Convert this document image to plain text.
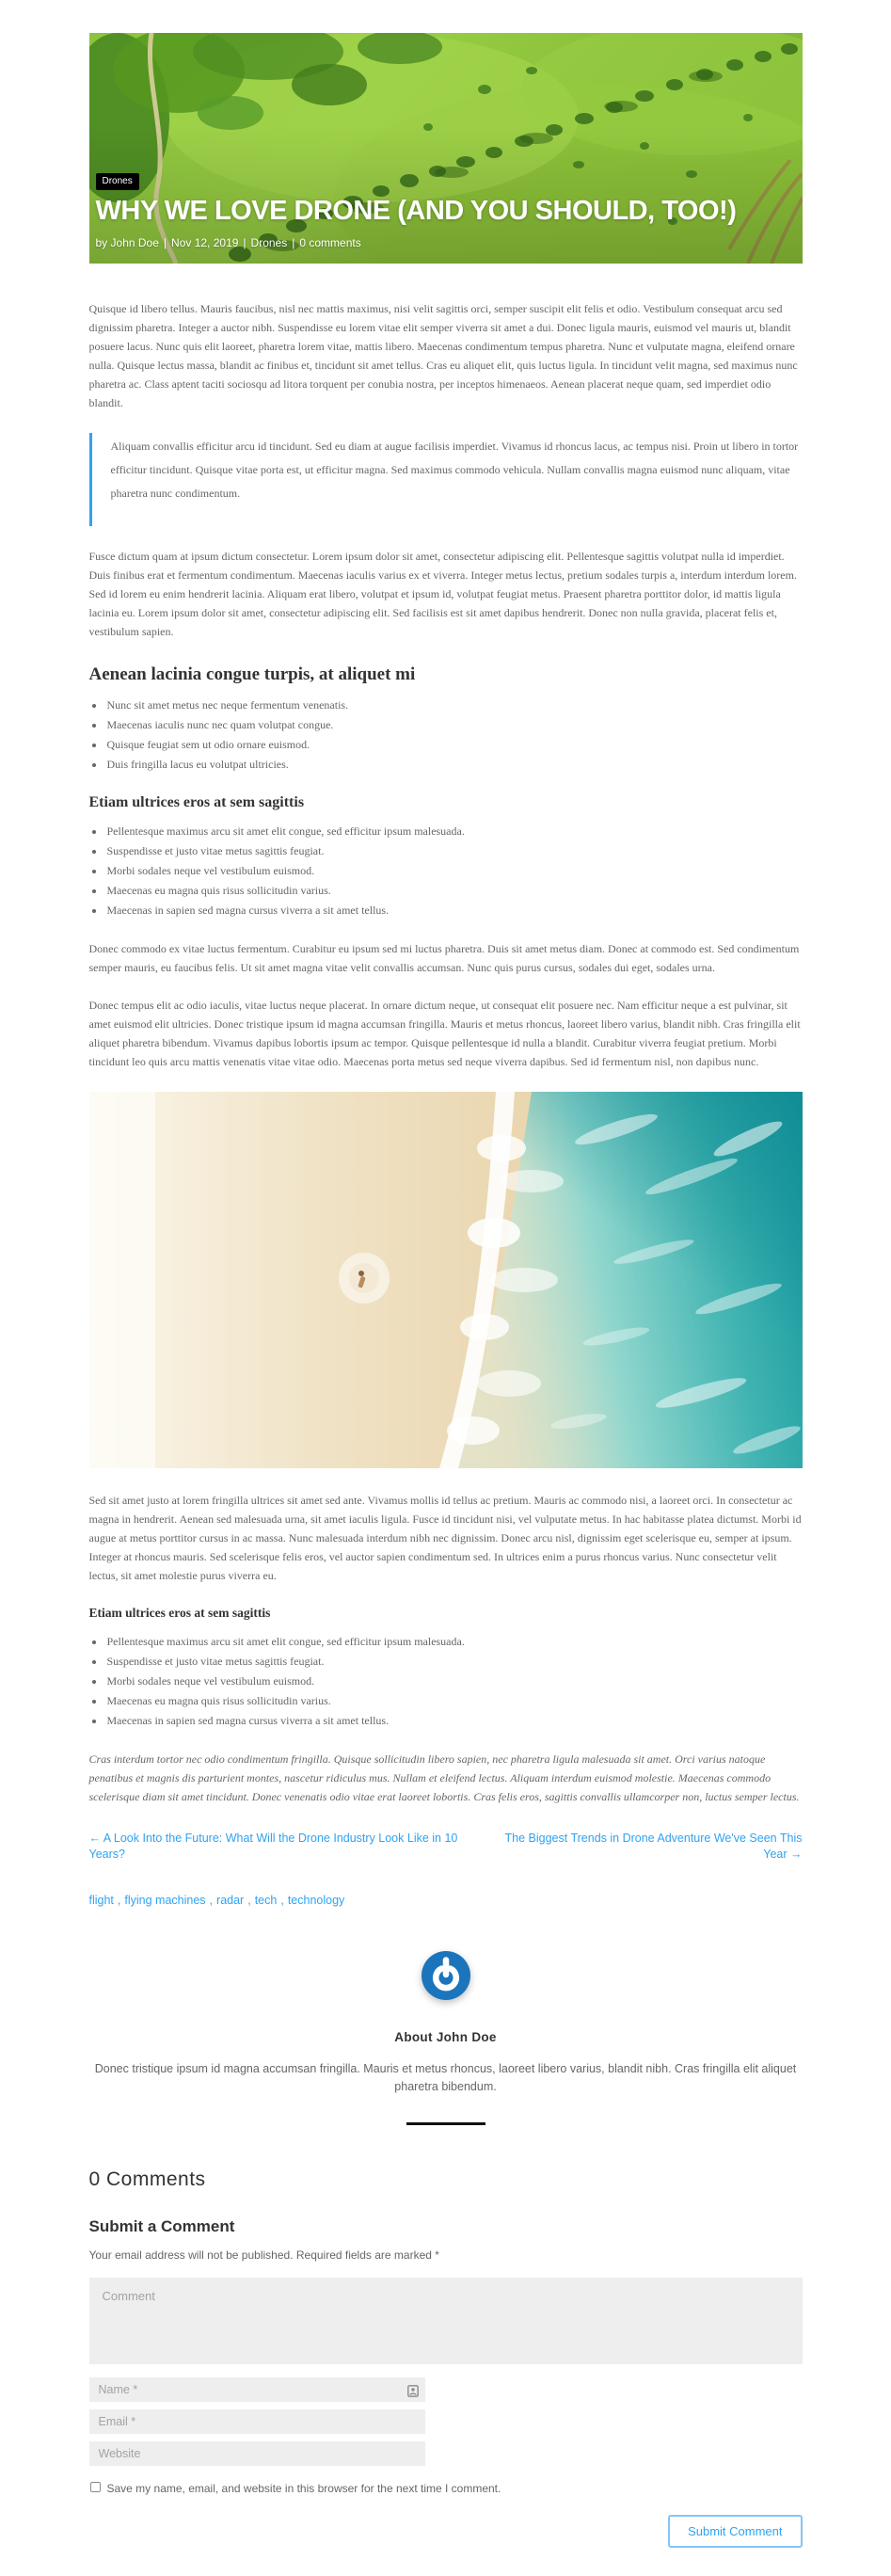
Drones
WHY WE LOVE DRONE (AND YOU SHOULD, TOO!)

by John Doe | Nov 12, 2019 | Drones | 0 comments

Quisque id libero tellus. Mauris faucibus, nisl nec mattis maximus, nisi velit sagittis orci, semper suscipit elit felis et odio. Vestibulum consequat arcu sed dignissim pharetra. Integer a auctor nibh. Suspendisse eu lorem vitae elit semper viverra sit amet a dui. Donec ligula mauris, euismod vel mauris ut, blandit posuere lacus. Nunc quis elit laoreet, pharetra lorem vitae, mattis libero. Maecenas condimentum tempus pharetra. Nunc et vulputate magna, eleifend ornare nulla. Quisque lectus massa, blandit ac finibus et, tincidunt sit amet tellus. Cras eu aliquet elit, quis luctus ligula. In tincidunt velit magna, sed maximus nunc pharetra ac. Class aptent taciti sociosqu ad litora torquent per conubia nostra, per inceptos himenaeos. Aenean placerat neque quam, sed imperdiet odio blandit.

Aliquam convallis efficitur arcu id tincidunt. Sed eu diam at augue facilisis imperdiet. Vivamus id rhoncus lacus, ac tempus nisi. Proin ut libero in tortor efficitur tincidunt. Quisque vitae porta est, ut efficitur magna. Sed maximus commodo vehicula. Nullam convallis magna euismod nunc aliquam, vitae pharetra nunc condimentum.

Fusce dictum quam at ipsum dictum consectetur. Lorem ipsum dolor sit amet, consectetur adipiscing elit. Pellentesque sagittis volutpat nulla id imperdiet. Duis finibus erat et fermentum condimentum. Maecenas iaculis varius ex et viverra. Integer metus lectus, pretium sodales turpis a, interdum interdum lorem. Sed id lorem eu enim hendrerit lacinia. Aliquam erat libero, volutpat et ipsum id, volutpat feugiat metus. Praesent pharetra porttitor dolor, id mattis ligula lacinia eu. Lorem ipsum dolor sit amet, consectetur adipiscing elit. Sed facilisis est sit amet dapibus hendrerit. Donec non nulla gravida, placerat felis et, vestibulum sapien.

Aenean lacinia congue turpis, at aliquet mi
• Nunc sit amet metus nec neque fermentum venenatis.
• Maecenas iaculis nunc nec quam volutpat congue.
• Quisque feugiat sem ut odio ornare euismod.
• Duis fringilla lacus eu volutpat ultricies.
Etiam ultrices eros at sem sagittis
• Pellentesque maximus arcu sit amet elit congue, sed efficitur ipsum malesuada.
• Suspendisse et justo vitae metus sagittis feugiat.
• Morbi sodales neque vel vestibulum euismod.
• Maecenas eu magna quis risus sollicitudin varius.
• Maecenas in sapien sed magna cursus viverra a sit amet tellus.

Donec commodo ex vitae luctus fermentum. Curabitur eu ipsum sed mi luctus pharetra. Duis sit amet metus diam. Donec at commodo est. Sed condimentum semper mauris, eu faucibus felis. Ut sit amet magna vitae velit convallis accumsan. Nunc quis purus cursus, sodales dui eget, sodales urna.

Donec tempus elit ac odio iaculis, vitae luctus neque placerat. In ornare dictum neque, ut consequat elit posuere nec. Nam efficitur neque a est pulvinar, sit amet euismod elit ultricies. Donec tristique ipsum id magna accumsan fringilla. Mauris et metus rhoncus, laoreet libero varius, blandit nibh. Cras fringilla elit aliquet pharetra bibendum. Vivamus dapibus lobortis ipsum ac tempor. Quisque pellentesque id nulla a blandit. Curabitur viverra feugiat pretium. Morbi tincidunt leo quis arcu mattis venenatis vitae vitae odio. Maecenas porta metus sed neque viverra dapibus. Sed id fermentum nisl, non dapibus nunc.

Sed sit amet justo at lorem fringilla ultrices sit amet sed ante. Vivamus mollis id tellus ac pretium. Mauris ac commodo nisi, a laoreet orci. In consectetur ac magna in hendrerit. Aenean sed malesuada urna, sit amet iaculis ligula. Fusce id tincidunt nisi, vel vulputate metus. In hac habitasse platea dictumst. Morbi id augue at metus porttitor cursus in ac massa. Nunc malesuada interdum nibh nec dignissim. Donec arcu nisl, dignissim eget scelerisque eu, semper at ipsum. Integer at rhoncus mauris. Sed scelerisque felis eros, vel auctor sapien condimentum sed. In ultrices enim a purus rhoncus varius. Nunc consectetur velit lectus, sit amet molestie purus viverra eu.

Etiam ultrices eros at sem sagittis
• Pellentesque maximus arcu sit amet elit congue, sed efficitur ipsum malesuada.
• Suspendisse et justo vitae metus sagittis feugiat.
• Morbi sodales neque vel vestibulum euismod.
• Maecenas eu magna quis risus sollicitudin varius.
• Maecenas in sapien sed magna cursus viverra a sit amet tellus.

Cras interdum tortor nec odio condimentum fringilla. Quisque sollicitudin libero sapien, nec pharetra ligula malesuada sit amet. Orci varius natoque penatibus et magnis dis parturient montes, nascetur ridiculus mus. Nullam et eleifend lectus. Aliquam interdum euismod molestie. Maecenas commodo scelerisque diam sit amet tincidunt. Donec venenatis odio vitae erat laoreet lobortis. Cras felis eros, sagittis convallis ullamcorper non, luctus semper lectus.

← A Look Into the Future: What Will the Drone Industry Look Like in 10 Years?
The Biggest Trends in Drone Adventure We've Seen This Year →
flight , flying machines , radar , tech , technology
About John Doe

Donec tristique ipsum id magna accumsan fringilla. Mauris et metus rhoncus, laoreet libero varius, blandit nibh. Cras fringilla elit aliquet pharetra bibendum.

0 Comments
Submit a Comment

Your email address will not be published. Required fields are marked *

Comment
Name *
Email *
Website
Save my name, email, and website in this browser for the next time I comment.
Submit Comment
